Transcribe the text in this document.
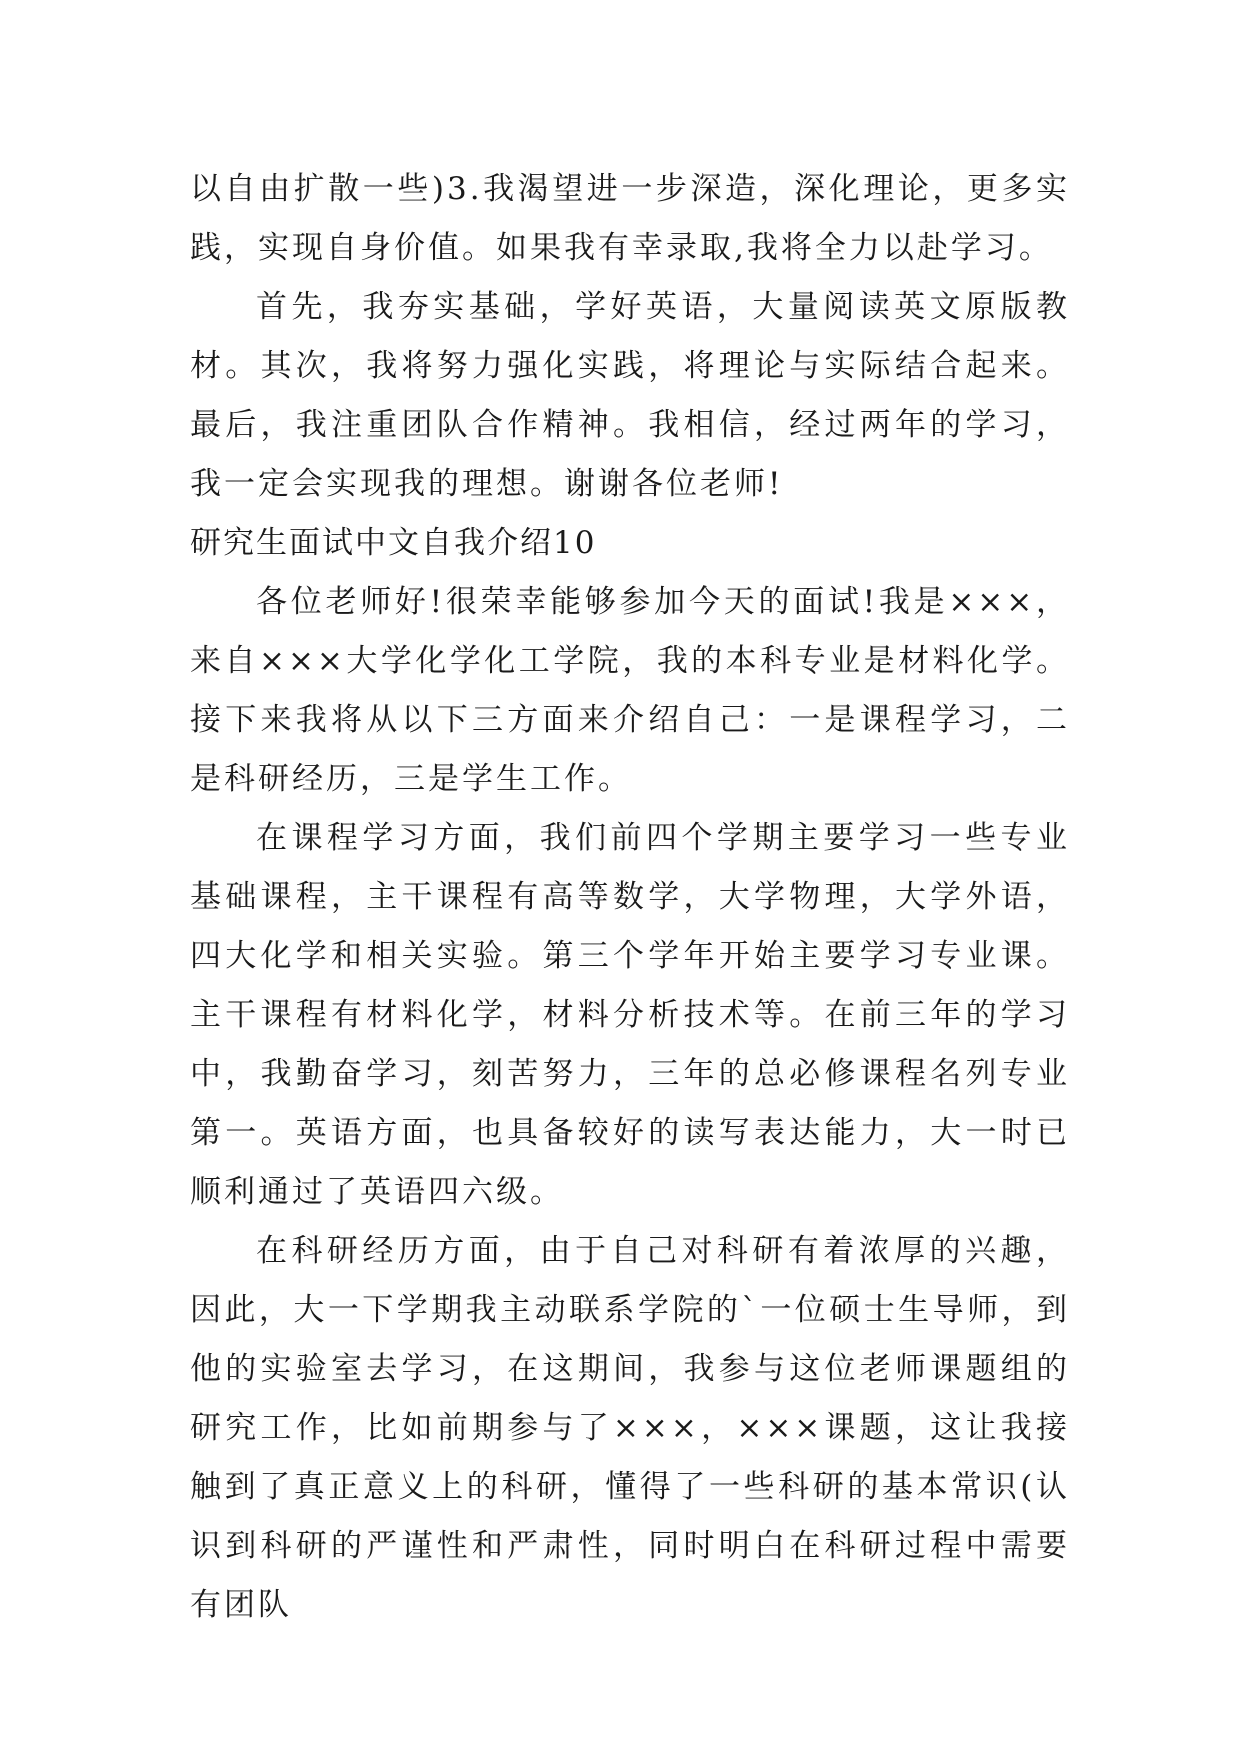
以自由扩散一些)3.我渴望进一步深造，深化理论，更多实践，实现自身价值。如果我有幸录取,我将全力以赴学习。

首先，我夯实基础，学好英语，大量阅读英文原版教材。其次，我将努力强化实践，将理论与实际结合起来。最后，我注重团队合作精神。我相信，经过两年的学习，我一定会实现我的理想。谢谢各位老师!

研究生面试中文自我介绍10

各位老师好!很荣幸能够参加今天的面试!我是×××，来自×××大学化学化工学院，我的本科专业是材料化学。接下来我将从以下三方面来介绍自己：一是课程学习，二是科研经历，三是学生工作。

在课程学习方面，我们前四个学期主要学习一些专业基础课程，主干课程有高等数学，大学物理，大学外语，四大化学和相关实验。第三个学年开始主要学习专业课。主干课程有材料化学，材料分析技术等。在前三年的学习中，我勤奋学习，刻苦努力，三年的总必修课程名列专业第一。英语方面，也具备较好的读写表达能力，大一时已顺利通过了英语四六级。

在科研经历方面，由于自己对科研有着浓厚的兴趣，因此，大一下学期我主动联系学院的`一位硕士生导师，到他的实验室去学习，在这期间，我参与这位老师课题组的研究工作，比如前期参与了×××，×××课题，这让我接触到了真正意义上的科研，懂得了一些科研的基本常识(认识到科研的严谨性和严肃性，同时明白在科研过程中需要有团队
